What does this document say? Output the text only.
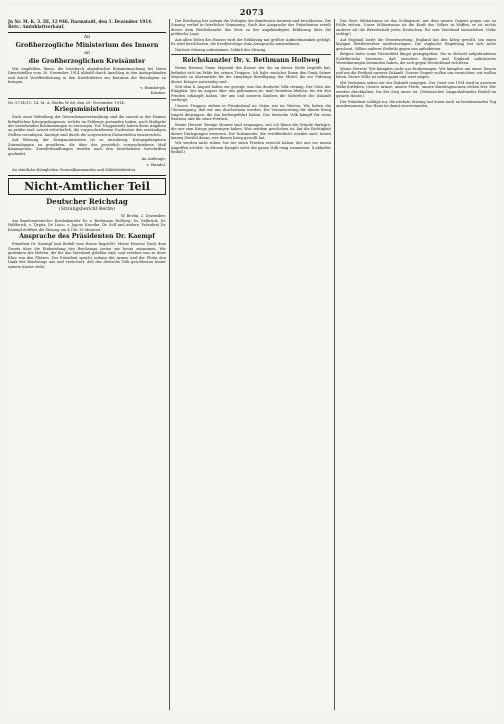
2073
Jn Nr. M. K. 3. III. 12 946. Darmstadt, den 1. Dezember 1914.
Betr.: Amtsblattverkauf.
An
Großherzogliche Ministerium des Innern
an
die Großherzoglichen Kreisämter

Wir empfehlen Ihnen, die hierdurch abgedruckte Bekanntmachung bei Ihren Dienststellen vom 30. November 1914 alsbald durch Anschlag in den Amtsgebäuden und durch Veröffentlichung in den Kreisblättern zur Kenntnis der Beteiligten zu bringen.

v. Hombergk.
Krämer.
Nr. 2714/15. 14. M. A. Berlin W 66, den 29. November 1914.
Kriegsministerium

Nach einer Mitteilung der Generalstaatsverwaltung sind die zurzeit in der Heimat befindlichen Kriegsgefangenen, welche im Feldzuge gestanden haben, nach Maßgabe der bestehenden Bestimmungen zu versorgen. Die Truppenteile haben diese Angaben zu prüfen und, soweit erforderlich, die vorgeschriebenen Nachweise den zuständigen Stellen vorzulegen. Anträge sind durch die vorgesetzten Dienststellen einzureichen.

Auf Weisung der Kriegsministerien ist es unzulässig, Kriegsgefangenen Zuwendungen zu gewähren, die über das gesetzlich vorgeschriebene Maß hinausgehen. Zuwiderhandlungen werden nach den bestehenden Vorschriften geahndet.

Im Auftrage:
v. Wandel.

An sämtliche Königlichen Generalkommandos und Militärbehörden.

Nicht-Amtlicher Teil
Deutscher Reichstag
(Sitzungsbericht Berlin)
W. Berlin, 2. Dezember.

Am Bundesratstische: Reichskanzler Dr. v. Bethmann Hollweg, Dr. Delbrück, Dr. Helfferich, v. Tirpitz, Dr. Lisco, v. Jagow, Kraetke, Dr. Solf und andere. Präsident Dr. Kaempf eröffnet die Sitzung um 4 Uhr 15 Minuten.

Ansprache des Präsidenten Dr. Kaempf

Präsident Dr. Kaempf (mit Beifall vom Hause begrüßt): Meine Herren! Nach dem Gesetz über die Einberufung des Reichstags treten wir heute zusammen. Wir gedenken der Helden, die für das Vaterland gefallen sind, und erheben uns zu ihrer Ehre von den Plätzen. Der Präsident spricht sodann der Armee und der Flotte den Dank des Reichstags aus und versichert, daß das deutsche Volk geschlossen hinter seinem Kaiser steht.

Der Reichstag hat sodann die Vorlagen des Bundesrats beraten und beschlossen. Die Sitzung verlief in feierlicher Stimmung. Nach der Ansprache des Präsidenten erteilt dieser dem Reichskanzler das Wort zu der angekündigten Erklärung über die politische Lage.

Aus allen Teilen des Hauses wird der Erklärung mit größter Aufmerksamkeit gefolgt. Es wird beschlossen, die Kreditvorlage ohne Aussprache anzunehmen.

Nächste Sitzung unbestimmt. Schluß der Sitzung.

Reichskanzler Dr. v. Bethmann Hollweg

Meine Herren! Seine Majestät der Kaiser, der Sie an dieser Stelle begrüßt hat, befindet sich im Felde bei seinen Truppen. Ich habe zunächst Ihnen den Dank Seiner Majestät zu übermitteln für die einmütige Bewilligung der Mittel, die zur Führung dieses Krieges notwendig sind.

Seit dem 4. August haben wir gezeigt, was das deutsche Volk vermag. Der Geist der Einigkeit, der im August über uns gekommen ist, muß bestehen bleiben, bis wir den Frieden erkämpft haben, der uns und unseren Kindern die Sicherheit der Zukunft verbürgt.

Unsere Truppen stehen in Feindesland im Osten wie im Westen. Wir haben die Überzeugung, daß wir uns durchsetzen werden. Die Verantwortung für diesen Krieg tragen diejenigen, die ihn herbeigeführt haben. Das deutsche Volk kämpft für seine Existenz und für seine Freiheit.

Meine Herren! Wenige Monate sind vergangen, seit ich Ihnen die Gründe darlegte, die uns zum Kriege gezwungen haben. Was seitdem geschehen ist, hat die Richtigkeit dieser Darlegungen erwiesen. Die Dokumente, die veröffentlicht worden sind, lassen keinen Zweifel daran, wer diesen Krieg gewollt hat.

Wir werden nicht ruhen, bis wir einen Frieden erreicht haben, der uns vor neuen Angriffen schützt. In diesem Kampfe steht das ganze Volk einig zusammen. (Lebhafter Beifall.)

Das Wort Militarismus ist das Schlagwort, mit dem unsere Gegner gegen uns zu Felde ziehen. Unser Militarismus ist die Kraft des Volkes in Waffen, er ist nichts anderes als die Bereitschaft jedes Deutschen, für sein Vaterland einzustehen. (Sehr richtig!)

Auf England lastet die Verantwortung. England hat den Krieg gewollt, um einen lästigen Wettbewerber niederzuringen. Die englische Regierung hat sich nicht gescheut, Völker anderer Erdteile gegen uns aufzubieten.

Belgien hatte seine Neutralität längst preisgegeben. Die in Brüssel aufgefundenen Schriftstücke beweisen, daß zwischen Belgien und England militärische Vereinbarungen bestanden haben, die sich gegen Deutschland richteten.

Meine Herren! Wir kämpfen nicht um Eroberungen. Wir kämpfen um unser Dasein und um die Freiheit unserer Zukunft. Unsere Gegner wollen uns vernichten; wir wollen leben. Dieser Wille ist unbeugsam und wird siegen.

Mit Vertrauen sehen wir der Zukunft entgegen. Der Geist von 1914 wird in unserem Volke fortleben. Unsere Armee, unsere Flotte, unsere Bundesgenossen stehen fest. Wir werden durchhalten, bis der Sieg unser ist. (Stürmischer, langanhaltender Beifall im ganzen Hause.)

Der Präsident schlägt vor, die nächste Sitzung auf einen noch zu bestimmenden Tag anzuberaumen. Das Haus ist damit einverstanden.
